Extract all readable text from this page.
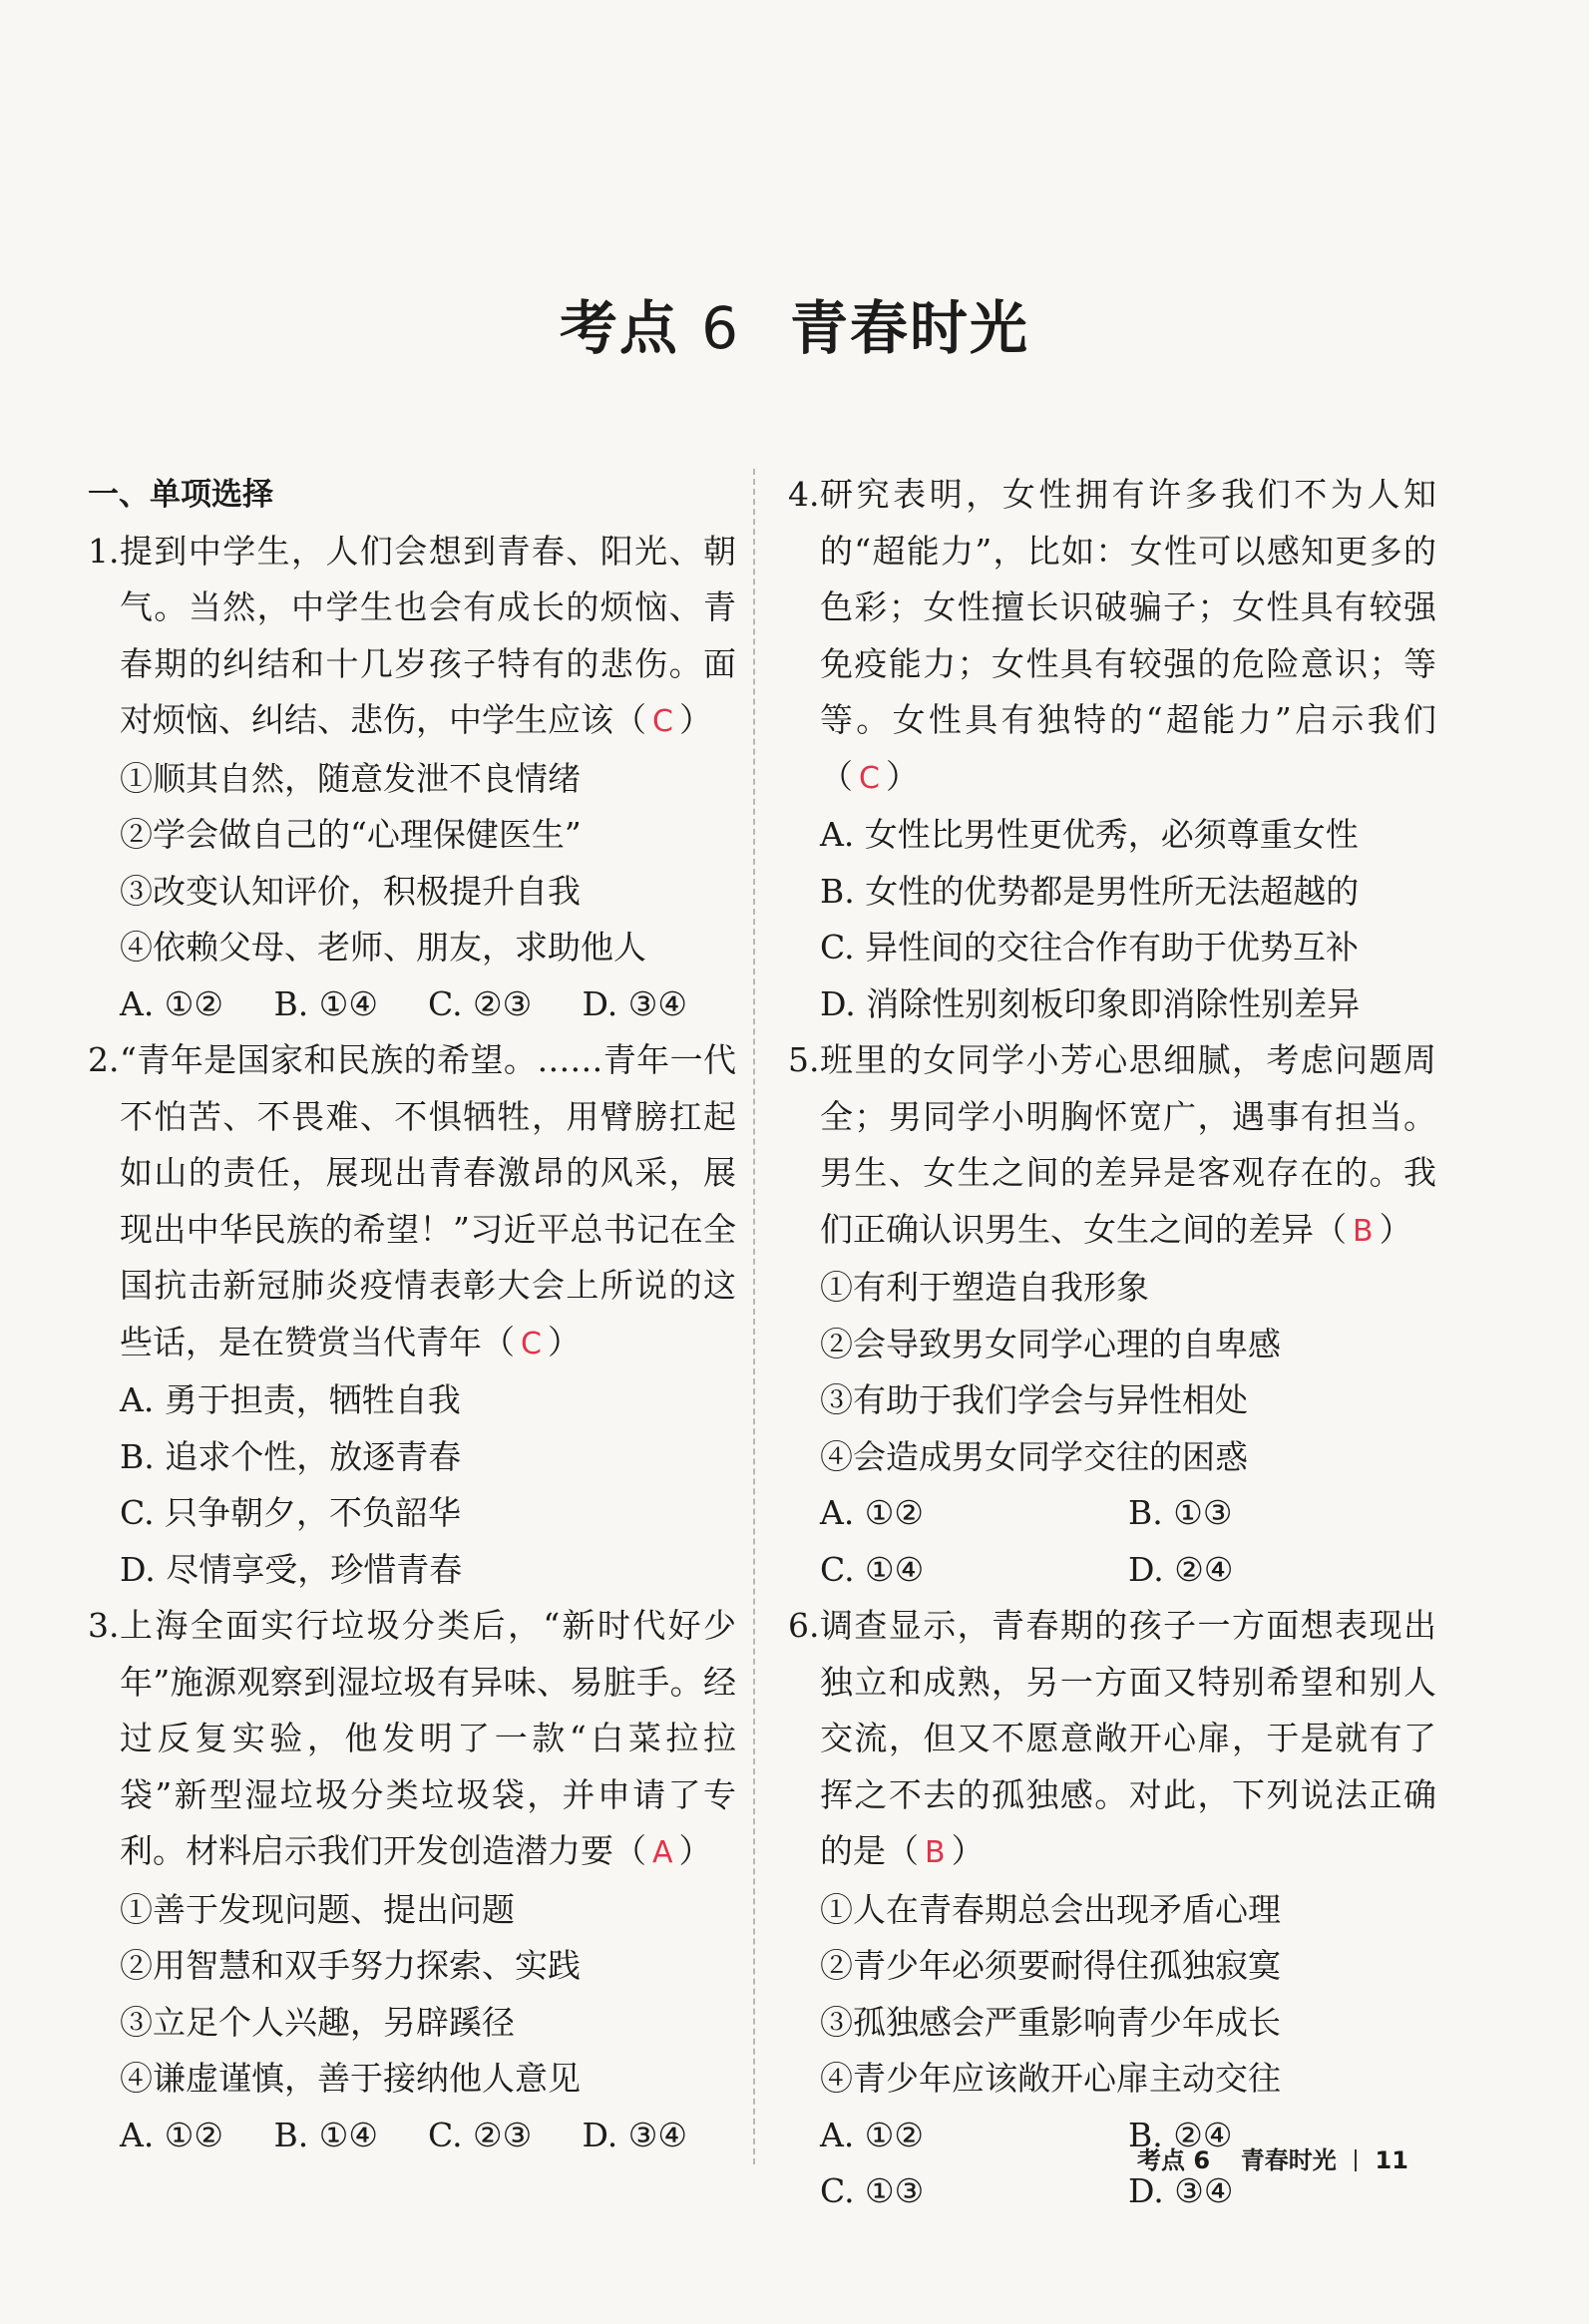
考点 6 青春时光
一、单项选择
1. 提到中学生，人们会想到青春、阳光、朝气。当然，中学生也会有成长的烦恼、青春期的纠结和十几岁孩子特有的悲伤。面对烦恼、纠结、悲伤，中学生应该（ C ）
①顺其自然，随意发泄不良情绪
②学会做自己的“心理保健医生”
③改变认知评价，积极提升自我
④依赖父母、老师、朋友，求助他人
A. ①②	B. ①④	C. ②③	D. ③④
2. “青年是国家和民族的希望。……青年一代不怕苦、不畏难、不惧牺牲，用臂膀扛起如山的责任，展现出青春激昂的风采，展现出中华民族的希望！”习近平总书记在全国抗击新冠肺炎疫情表彰大会上所说的这些话，是在赞赏当代青年（ C ）
A. 勇于担责，牺牲自我
B. 追求个性，放逐青春
C. 只争朝夕，不负韶华
D. 尽情享受，珍惜青春
3. 上海全面实行垃圾分类后，“新时代好少年”施源观察到湿垃圾有异味、易脏手。经过反复实验，他发明了一款“白菜拉拉袋”新型湿垃圾分类垃圾袋，并申请了专利。材料启示我们开发创造潜力要（ A ）
①善于发现问题、提出问题
②用智慧和双手努力探索、实践
③立足个人兴趣，另辟蹊径
④谦虚谨慎，善于接纳他人意见
A. ①②	B. ①④	C. ②③	D. ③④
4. 研究表明，女性拥有许多我们不为人知的“超能力”，比如：女性可以感知更多的色彩；女性擅长识破骗子；女性具有较强免疫能力；女性具有较强的危险意识；等等。女性具有独特的“超能力”启示我们（ C ）
A. 女性比男性更优秀，必须尊重女性
B. 女性的优势都是男性所无法超越的
C. 异性间的交往合作有助于优势互补
D. 消除性别刻板印象即消除性别差异
5. 班里的女同学小芳心思细腻，考虑问题周全；男同学小明胸怀宽广，遇事有担当。男生、女生之间的差异是客观存在的。我们正确认识男生、女生之间的差异（ B ）
①有利于塑造自我形象
②会导致男女同学心理的自卑感
③有助于我们学会与异性相处
④会造成男女同学交往的困惑
A. ①②	B. ①③
C. ①④	D. ②④
6. 调查显示，青春期的孩子一方面想表现出独立和成熟，另一方面又特别希望和别人交流，但又不愿意敞开心扉，于是就有了挥之不去的孤独感。对此，下列说法正确的是（ B ）
①人在青春期总会出现矛盾心理
②青少年必须要耐得住孤独寂寞
③孤独感会严重影响青少年成长
④青少年应该敞开心扉主动交往
A. ①②	B. ②④
C. ①③	D. ③④
考点 6 青春时光 11
